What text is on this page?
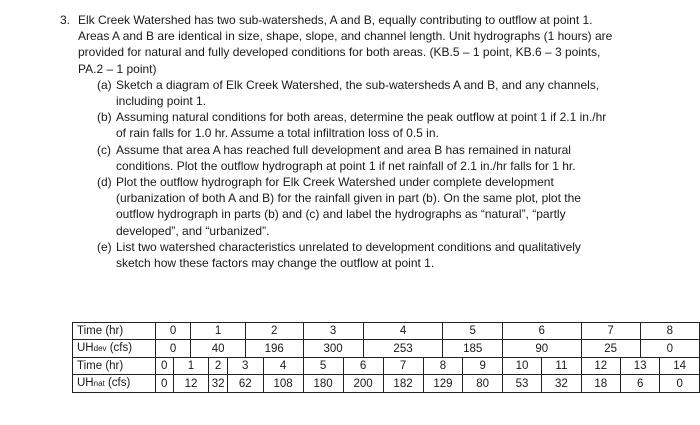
3. Elk Creek Watershed has two sub-watersheds, A and B, equally contributing to outflow at point 1. Areas A and B are identical in size, shape, slope, and channel length. Unit hydrographs (1 hours) are provided for natural and fully developed conditions for both areas. (KB.5 – 1 point, KB.6 – 3 points, PA.2 – 1 point)

(a) Sketch a diagram of Elk Creek Watershed, the sub-watersheds A and B, and any channels, including point 1.
(b) Assuming natural conditions for both areas, determine the peak outflow at point 1 if 2.1 in./hr of rain falls for 1.0 hr. Assume a total infiltration loss of 0.5 in.
(c) Assume that area A has reached full development and area B has remained in natural conditions. Plot the outflow hydrograph at point 1 if net rainfall of 2.1 in./hr falls for 1 hr.
(d) Plot the outflow hydrograph for Elk Creek Watershed under complete development (urbanization of both A and B) for the rainfall given in part (b). On the same plot, plot the outflow hydrograph in parts (b) and (c) and label the hydrographs as “natural”, “partly developed”, and “urbanized”.
(e) List two watershed characteristics unrelated to development conditions and qualitatively sketch how these factors may change the outflow at point 1.
Time (hr)	0		1			2		3		4			5		6		7		8	
UHdev (cfs)	0		40			196		300		253			185		90		25		0	
Time (hr)	0	1		2	3		4	5	6		7	8		9	10	11	12	13		14
UHnat (cfs)	0	12		32	62		108	180	200		182	129		80	53	32	18	6		0
